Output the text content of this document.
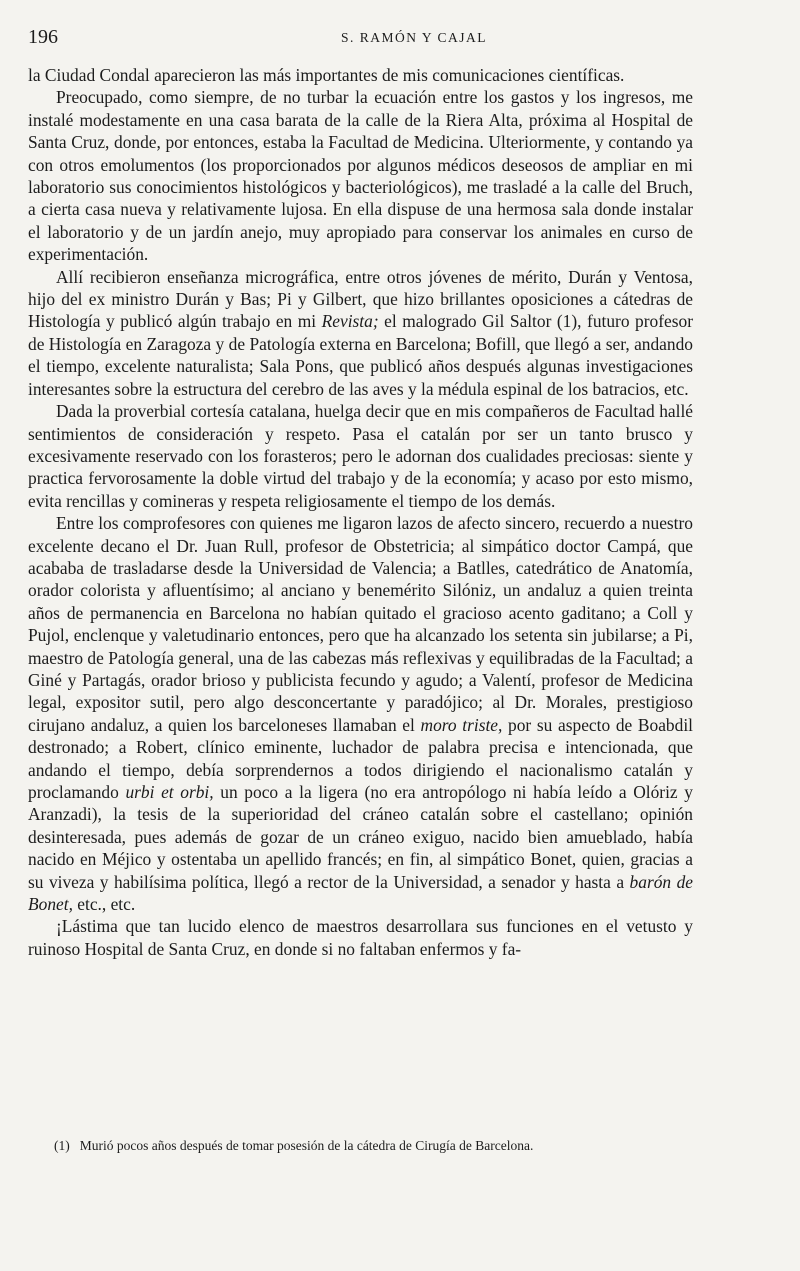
196	S. RAMÓN Y CAJAL

la Ciudad Condal aparecieron las más importantes de mis comunicaciones científicas.

Preocupado, como siempre, de no turbar la ecuación entre los gastos y los ingresos, me instalé modestamente en una casa barata de la calle de la Riera Alta, próxima al Hospital de Santa Cruz, donde, por entonces, estaba la Facultad de Medicina. Ulteriormente, y contando ya con otros emolumentos (los proporcionados por algunos médicos deseosos de ampliar en mi laboratorio sus conocimientos histológicos y bacteriológicos), me trasladé a la calle del Bruch, a cierta casa nueva y relativamente lujosa. En ella dispuse de una hermosa sala donde instalar el laboratorio y de un jardín anejo, muy apropiado para conservar los animales en curso de experimentación.

Allí recibieron enseñanza micrográfica, entre otros jóvenes de mérito, Durán y Ventosa, hijo del ex ministro Durán y Bas; Pi y Gilbert, que hizo brillantes oposiciones a cátedras de Histología y publicó algún trabajo en mi Revista; el malogrado Gil Saltor (1), futuro profesor de Histología en Zaragoza y de Patología externa en Barcelona; Bofill, que llegó a ser, andando el tiempo, excelente naturalista; Sala Pons, que publicó años después algunas investigaciones interesantes sobre la estructura del cerebro de las aves y la médula espinal de los batracios, etc.

Dada la proverbial cortesía catalana, huelga decir que en mis compañeros de Facultad hallé sentimientos de consideración y respeto. Pasa el catalán por ser un tanto brusco y excesivamente reservado con los forasteros; pero le adornan dos cualidades preciosas: siente y practica fervorosamente la doble virtud del trabajo y de la economía; y acaso por esto mismo, evita rencillas y comineras y respeta religiosamente el tiempo de los demás.

Entre los comprofesores con quienes me ligaron lazos de afecto sincero, recuerdo a nuestro excelente decano el Dr. Juan Rull, profesor de Obstetricia; al simpático doctor Campá, que acababa de trasladarse desde la Universidad de Valencia; a Batlles, catedrático de Anatomía, orador colorista y afluentísimo; al anciano y benemérito Silóniz, un andaluz a quien treinta años de permanencia en Barcelona no habían quitado el gracioso acento gaditano; a Coll y Pujol, enclenque y valetudinario entonces, pero que ha alcanzado los setenta sin jubilarse; a Pi, maestro de Patología general, una de las cabezas más reflexivas y equilibradas de la Facultad; a Giné y Partagás, orador brioso y publicista fecundo y agudo; a Valentí, profesor de Medicina legal, expositor sutil, pero algo desconcertante y paradójico; al Dr. Morales, prestigioso cirujano andaluz, a quien los barceloneses llamaban el moro triste, por su aspecto de Boabdil destronado; a Robert, clínico eminente, luchador de palabra precisa e intencionada, que andando el tiempo, debía sorprendernos a todos dirigiendo el nacionalismo catalán y proclamando urbi et orbi, un poco a la ligera (no era antropólogo ni había leído a Olóriz y Aranzadi), la tesis de la superioridad del cráneo catalán sobre el castellano; opinión desinteresada, pues además de gozar de un cráneo exiguo, nacido bien amueblado, había nacido en Méjico y ostentaba un apellido francés; en fin, al simpático Bonet, quien, gracias a su viveza y habilísima política, llegó a rector de la Universidad, a senador y hasta a barón de Bonet, etc., etc.

¡Lástima que tan lucido elenco de maestros desarrollara sus funciones en el vetusto y ruinoso Hospital de Santa Cruz, en donde si no faltaban enfermos y fa-

(1) Murió pocos años después de tomar posesión de la cátedra de Cirugía de Barcelona.
